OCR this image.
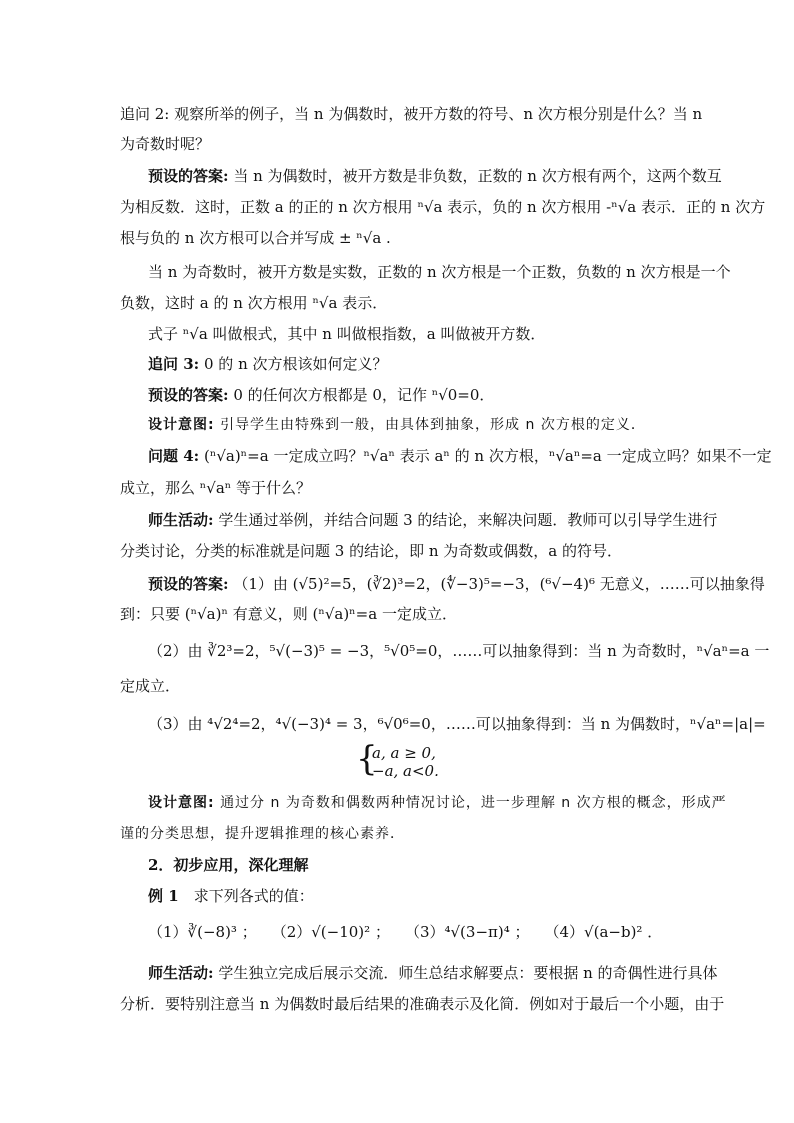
追问 2: 观察所举的例子，当 n 为偶数时，被开方数的符号、n 次方根分别是什么？当 n
为奇数时呢？
预设的答案: 当 n 为偶数时，被开方数是非负数，正数的 n 次方根有两个，这两个数互
为相反数．这时，正数 a 的正的 n 次方根用 ⁿ√a 表示，负的 n 次方根用 -ⁿ√a 表示．正的 n 次方
根与负的 n 次方根可以合并写成 ± ⁿ√a .
当 n 为奇数时，被开方数是实数，正数的 n 次方根是一个正数，负数的 n 次方根是一个
负数，这时 a 的 n 次方根用 ⁿ√a 表示．
式子 ⁿ√a 叫做根式，其中 n 叫做根指数，a 叫做被开方数．
追问 3: 0 的 n 次方根该如何定义？
预设的答案: 0 的任何次方根都是 0，记作 ⁿ√0=0．
设计意图: 引导学生由特殊到一般，由具体到抽象，形成 n 次方根的定义．
问题 4: (ⁿ√a)ⁿ=a 一定成立吗？ⁿ√aⁿ 表示 aⁿ 的 n 次方根，ⁿ√aⁿ=a 一定成立吗？如果不一定
成立，那么 ⁿ√aⁿ 等于什么？
师生活动: 学生通过举例，并结合问题 3 的结论，来解决问题．教师可以引导学生进行
分类讨论，分类的标准就是问题 3 的结论，即 n 为奇数或偶数，a 的符号．
预设的答案: （1）由 (√5)²=5，(∛2)³=2，(∜−3)⁵=−3，(⁶√−4)⁶ 无意义，……可以抽象得
到：只要 (ⁿ√a)ⁿ 有意义，则 (ⁿ√a)ⁿ=a 一定成立．
（2）由 ∛2³=2，⁵√(−3)⁵ = −3，⁵√0⁵=0，……可以抽象得到：当 n 为奇数时，ⁿ√aⁿ=a 一
定成立．
（3）由 ⁴√2⁴=2，⁴√(−3)⁴ = 3，⁶√0⁶=0，……可以抽象得到：当 n 为偶数时，ⁿ√aⁿ=|a|=
{
a, a ≥ 0,
−a, a<0.
设计意图: 通过分 n 为奇数和偶数两种情况讨论，进一步理解 n 次方根的概念，形成严
谨的分类思想，提升逻辑推理的核心素养．
2．初步应用，深化理解
例 1　 求下列各式的值：
（1）∛(−8)³ ；　　（2）√(−10)² ；　　（3）⁴√(3−π)⁴ ；　　（4）√(a−b)² ．
师生活动: 学生独立完成后展示交流．师生总结求解要点：要根据 n 的奇偶性进行具体
分析．要特别注意当 n 为偶数时最后结果的准确表示及化简．例如对于最后一个小题，由于
